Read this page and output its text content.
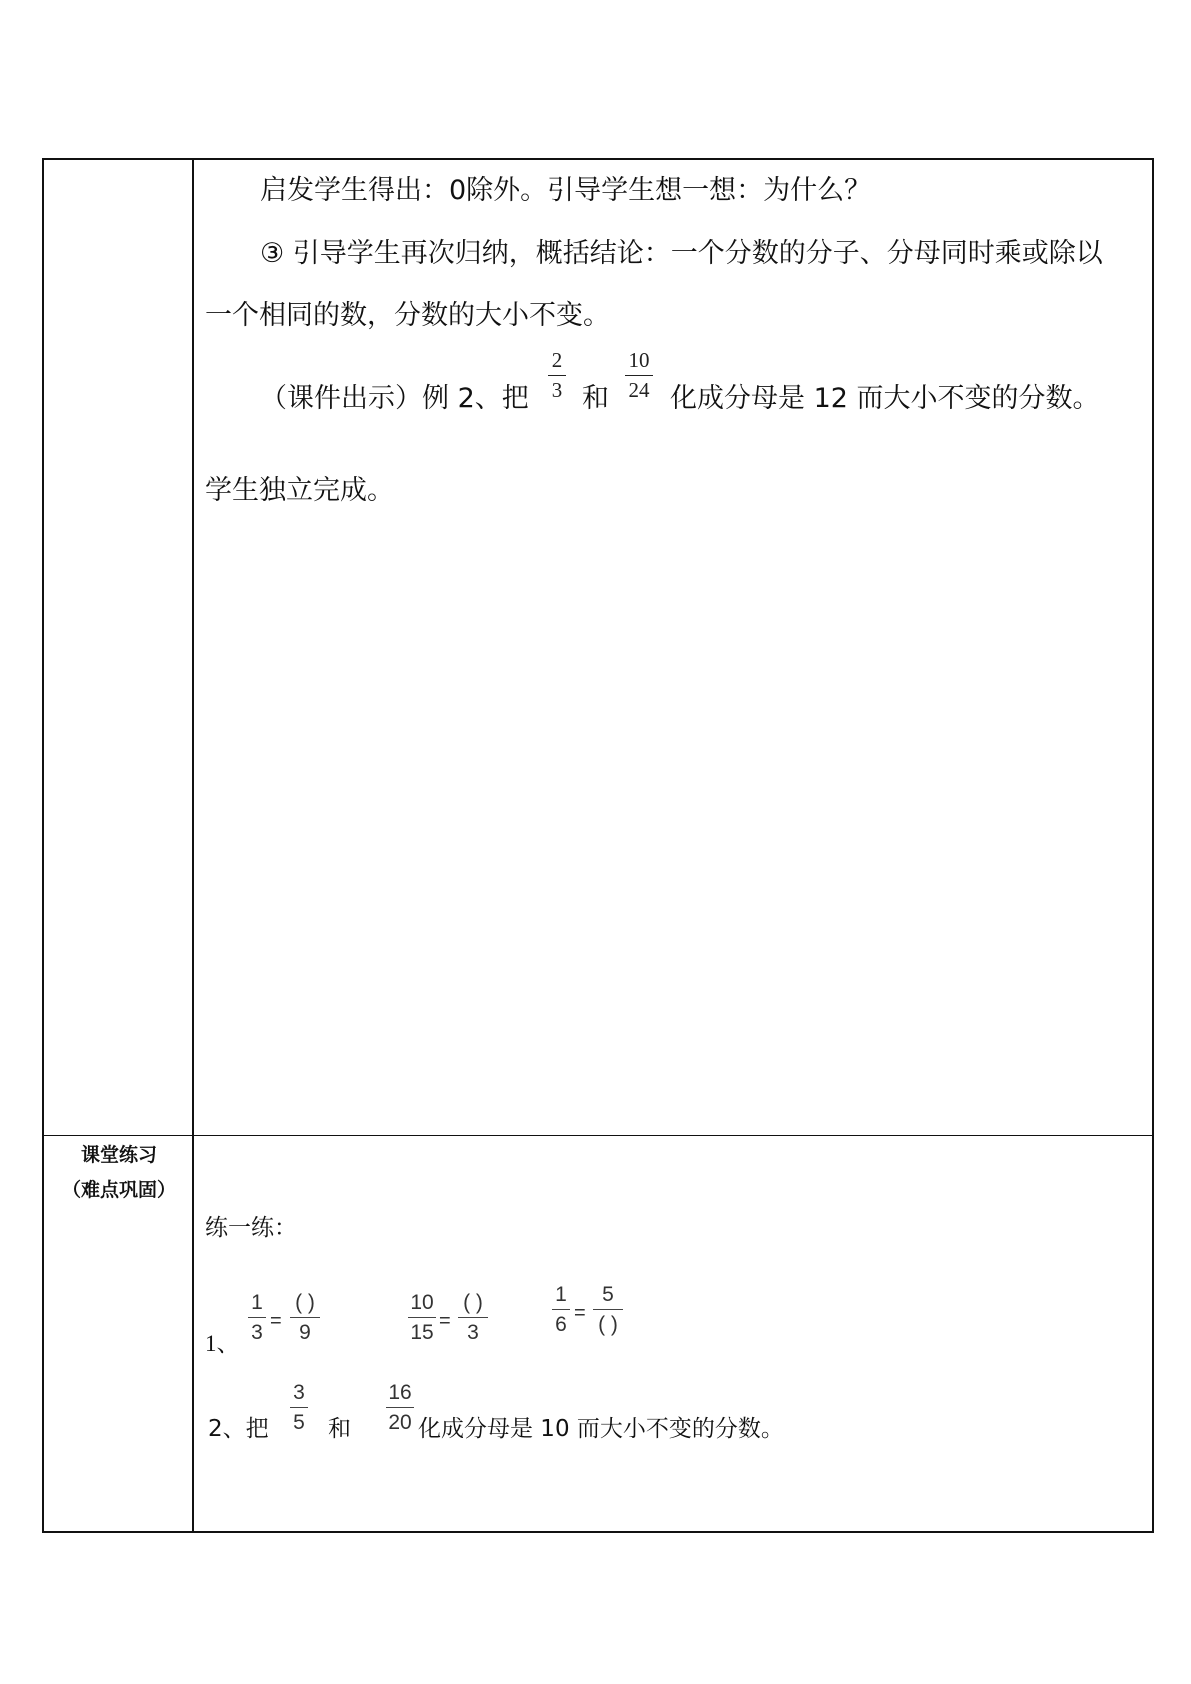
启发学生得出：0除外。引导学生想一想：为什么？
③ 引导学生再次归纳，概括结论：一个分数的分子、分母同时乘或除以
一个相同的数，分数的大小不变。
（课件出示）例 2、把
2
3 和
10
24 化成分母是 12 而大小不变的分数。
学生独立完成。
课堂练习
（难点巩固）
练一练：
1、
1
3 =
( )
9
10
15 =
( )
3
1
6 =
5
( )
2、把
3
5 和
16
20 化成分母是 10 而大小不变的分数。
